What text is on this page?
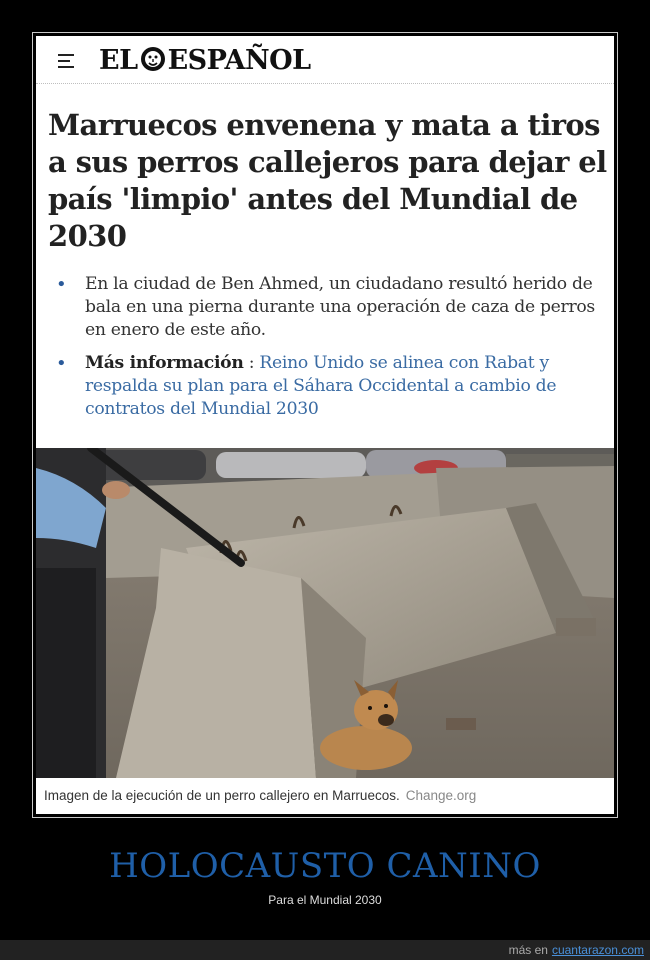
EL ESPAÑOL
Marruecos envenena y mata a tiros a sus perros callejeros para dejar el país 'limpio' antes del Mundial de 2030
• En la ciudad de Ben Ahmed, un ciudadano resultó herido de bala en una pierna durante una operación de caza de perros en enero de este año.
• Más información : Reino Unido se alinea con Rabat y respalda su plan para el Sáhara Occidental a cambio de contratos del Mundial 2030
Imagen de la ejecución de un perro callejero en Marruecos. Change.org
HOLOCAUSTO CANINO
Para el Mundial 2030
más en cuantarazon.com
